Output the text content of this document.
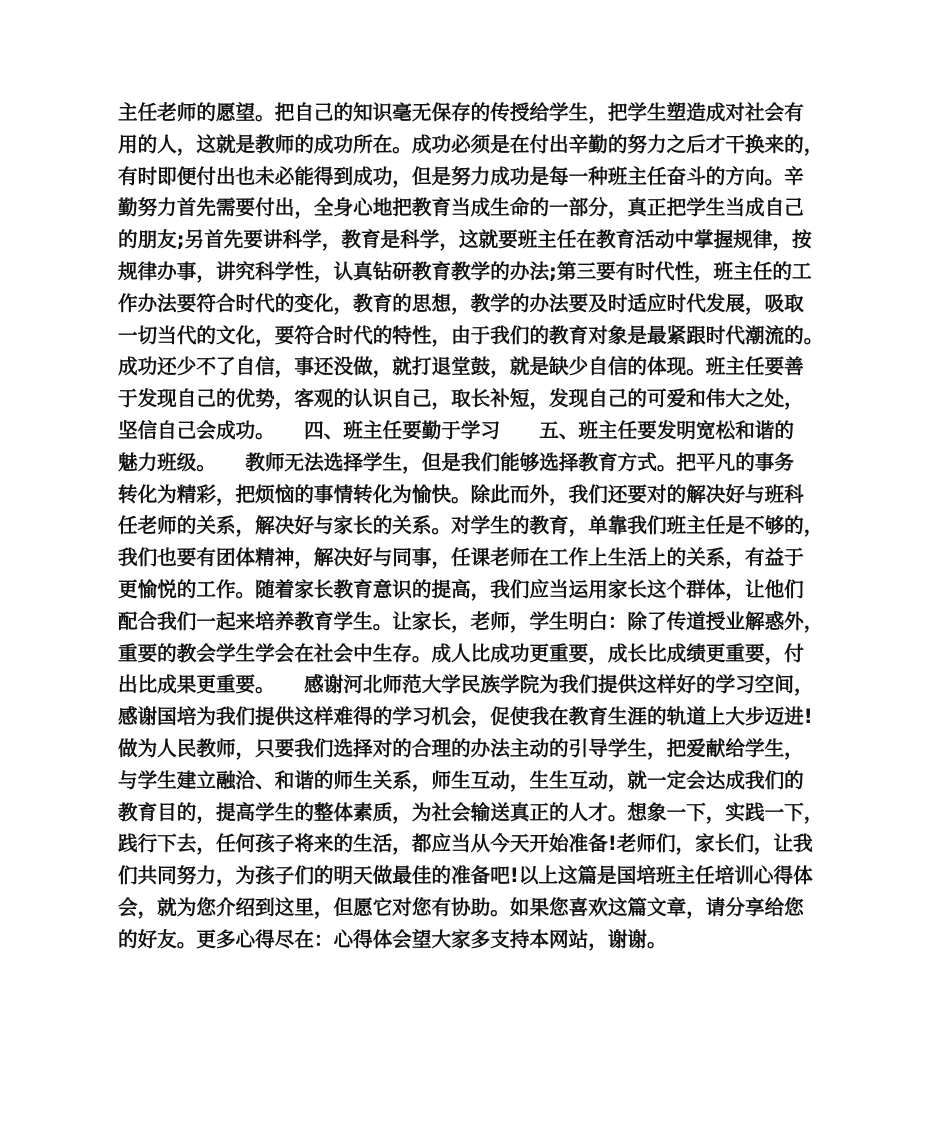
主任老师的愿望。把自己的知识毫无保存的传授给学生，把学生塑造成对社会有
用的人，这就是教师的成功所在。成功必须是在付出辛勤的努力之后才干换来的，
有时即便付出也未必能得到成功，但是努力成功是每一种班主任奋斗的方向。辛
勤努力首先需要付出，全身心地把教育当成生命的一部分，真正把学生当成自己
的朋友;另首先要讲科学，教育是科学，这就要班主任在教育活动中掌握规律，按
规律办事，讲究科学性，认真钻研教育教学的办法;第三要有时代性，班主任的工
作办法要符合时代的变化，教育的思想，教学的办法要及时适应时代发展，吸取
一切当代的文化，要符合时代的特性，由于我们的教育对象是最紧跟时代潮流的。
成功还少不了自信，事还没做，就打退堂鼓，就是缺少自信的体现。班主任要善
于发现自己的优势，客观的认识自己，取长补短，发现自己的可爱和伟大之处，
坚信自己会成功。　　四、班主任要勤于学习　　五、班主任要发明宽松和谐的
魅力班级。　　教师无法选择学生，但是我们能够选择教育方式。把平凡的事务
转化为精彩，把烦恼的事情转化为愉快。除此而外，我们还要对的解决好与班科
任老师的关系，解决好与家长的关系。对学生的教育，单靠我们班主任是不够的，
我们也要有团体精神，解决好与同事，任课老师在工作上生活上的关系，有益于
更愉悦的工作。随着家长教育意识的提高，我们应当运用家长这个群体，让他们
配合我们一起来培养教育学生。让家长，老师，学生明白：除了传道授业解惑外，
重要的教会学生学会在社会中生存。成人比成功更重要，成长比成绩更重要，付
出比成果更重要。　　感谢河北师范大学民族学院为我们提供这样好的学习空间，
感谢国培为我们提供这样难得的学习机会，促使我在教育生涯的轨道上大步迈进!
做为人民教师，只要我们选择对的合理的办法主动的引导学生，把爱献给学生，
与学生建立融洽、和谐的师生关系，师生互动，生生互动，就一定会达成我们的
教育目的，提高学生的整体素质，为社会输送真正的人才。想象一下，实践一下，
践行下去，任何孩子将来的生活，都应当从今天开始准备!老师们，家长们，让我
们共同努力，为孩子们的明天做最佳的准备吧!以上这篇是国培班主任培训心得体
会，就为您介绍到这里，但愿它对您有协助。如果您喜欢这篇文章，请分享给您
的好友。更多心得尽在：心得体会望大家多支持本网站，谢谢。
